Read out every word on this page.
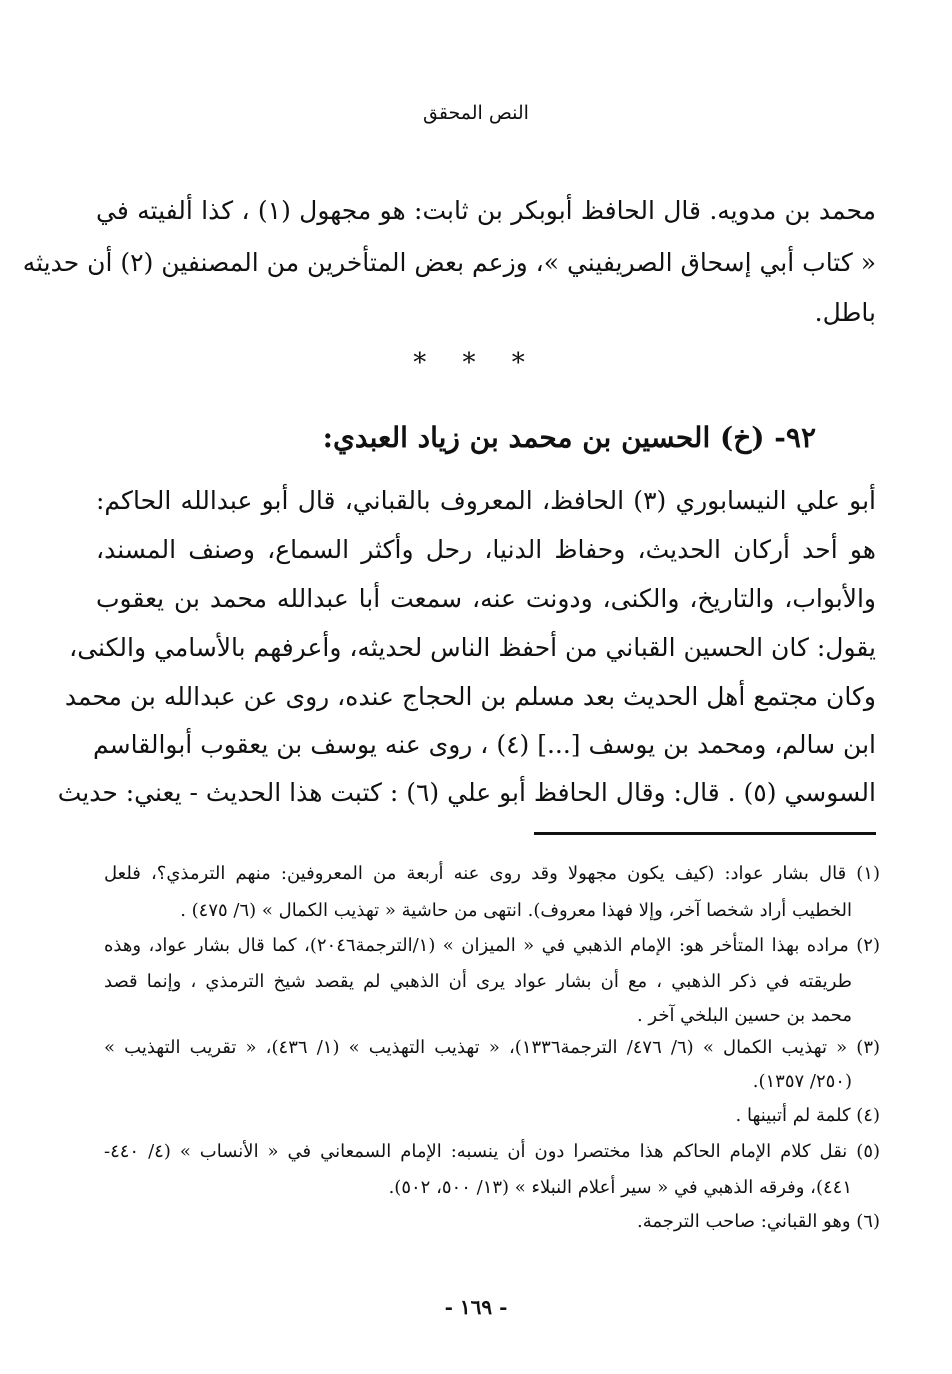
النص المحقق
محمد بن مدويه. قال الحافظ أبوبكر بن ثابت: هو مجهول (١) ، كذا ألفيته في
« كتاب أبي إسحاق الصريفيني »، وزعم بعض المتأخرين من المصنفين (٢) أن حديثه
باطل.
* * *
٩٢- (خ) الحسين بن محمد بن زياد العبدي:
أبو علي النيسابوري (٣) الحافظ، المعروف بالقباني، قال أبو عبدالله الحاكم:
هو أحد أركان الحديث، وحفاظ الدنيا، رحل وأكثر السماع، وصنف المسند،
والأبواب، والتاريخ، والكنى، ودونت عنه، سمعت أبا عبدالله محمد بن يعقوب
يقول: كان الحسين القباني من أحفظ الناس لحديثه، وأعرفهم بالأسامي والكنى،
وكان مجتمع أهل الحديث بعد مسلم بن الحجاج عنده، روى عن عبدالله بن محمد
ابن سالم، ومحمد بن يوسف [...] (٤) ، روى عنه يوسف بن يعقوب أبوالقاسم
السوسي (٥) . قال: وقال الحافظ أبو علي (٦) : كتبت هذا الحديث - يعني: حديث
(١) قال بشار عواد: (كيف يكون مجهولا وقد روى عنه أربعة من المعروفين: منهم الترمذي؟، فلعل
الخطيب أراد شخصا آخر، وإلا فهذا معروف). انتهى من حاشية « تهذيب الكمال » (٦/ ٤٧٥) .
(٢) مراده بهذا المتأخر هو: الإمام الذهبي في « الميزان » (١/الترجمة٢٠٤٦)، كما قال بشار عواد، وهذه
طريقته في ذكر الذهبي ، مع أن بشار عواد يرى أن الذهبي لم يقصد شيخ الترمذي ، وإنما قصد
محمد بن حسين البلخي آخر .
(٣) « تهذيب الكمال » (٦/ ٤٧٦/ الترجمة١٣٣٦)، « تهذيب التهذيب » (١/ ٤٣٦)، « تقريب التهذيب »
(٢٥٠/ ١٣٥٧).
(٤) كلمة لم أتبينها .
(٥) نقل كلام الإمام الحاكم هذا مختصرا دون أن ينسبه: الإمام السمعاني في « الأنساب » (٤/ ٤٤٠-
٤٤١)، وفرقه الذهبي في « سير أعلام النبلاء » (١٣/ ٥٠٠، ٥٠٢).
(٦) وهو القباني: صاحب الترجمة.
- ١٦٩ -
